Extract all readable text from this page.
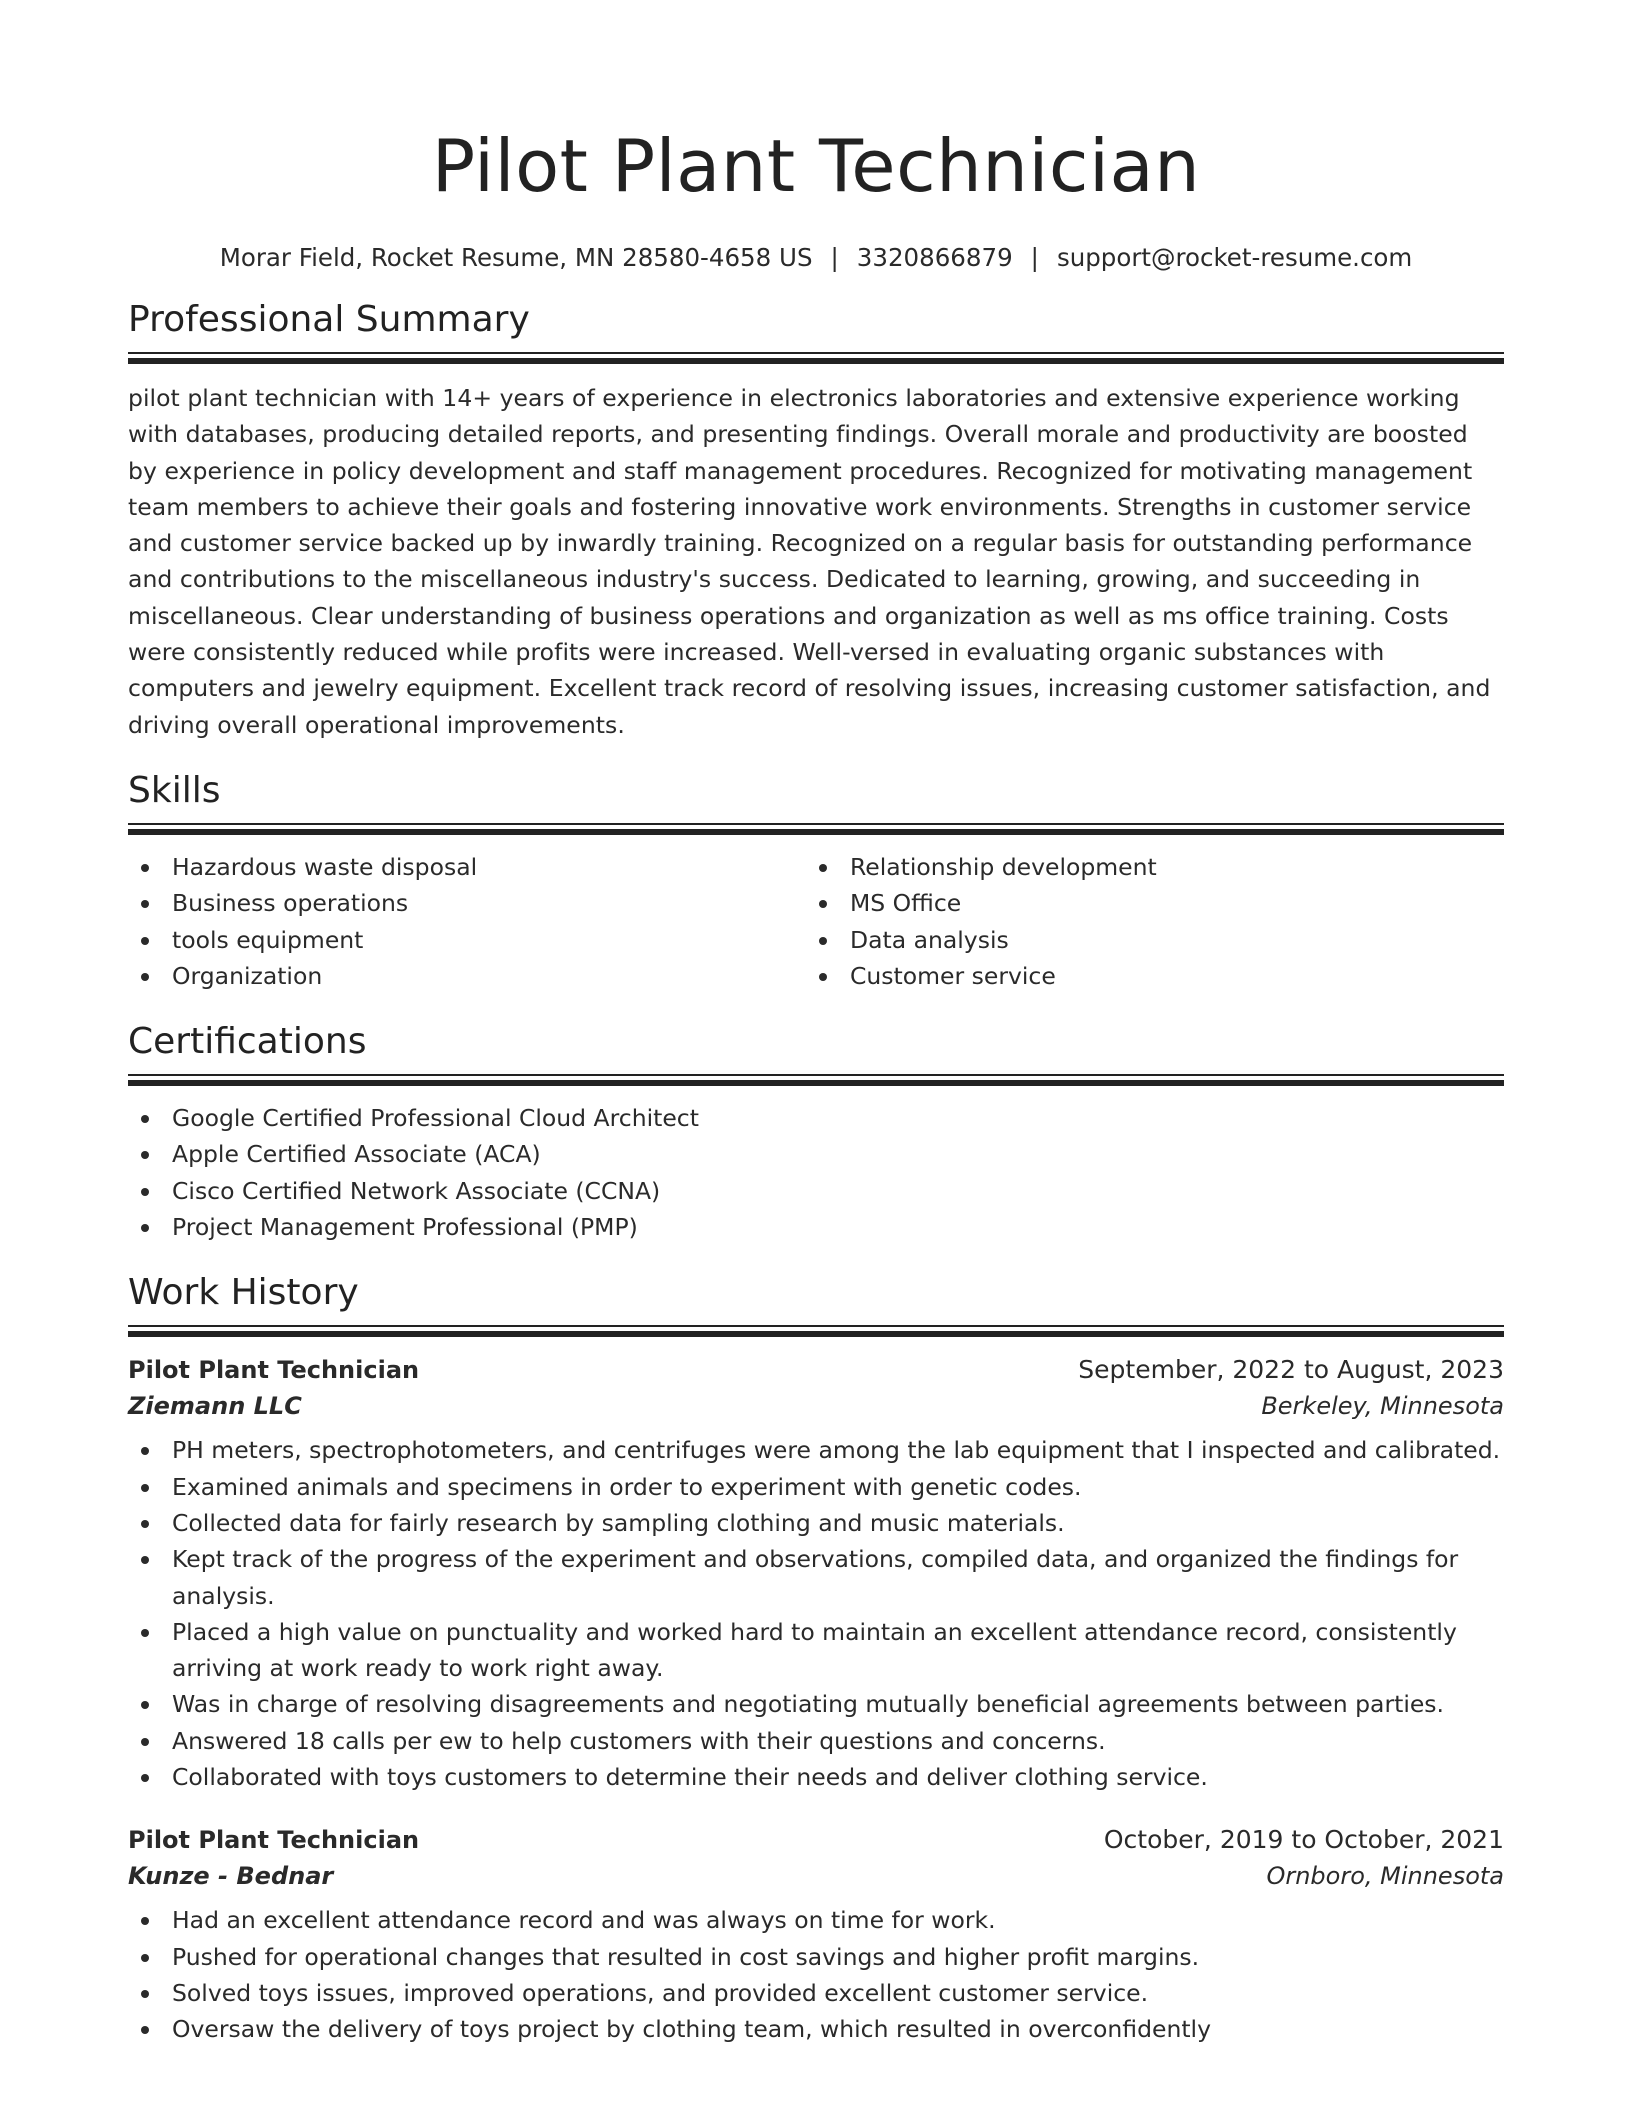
Pilot Plant Technician
Morar Field, Rocket Resume, MN 28580-4658 US | 3320866879 | support@rocket-resume.com
Professional Summary

pilot plant technician with 14+ years of experience in electronics laboratories and extensive experience working with databases, producing detailed reports, and presenting findings. Overall morale and productivity are boosted by experience in policy development and staff management procedures. Recognized for motivating management team members to achieve their goals and fostering innovative work environments. Strengths in customer service and customer service backed up by inwardly training. Recognized on a regular basis for outstanding performance and contributions to the miscellaneous industry's success. Dedicated to learning, growing, and succeeding in miscellaneous. Clear understanding of business operations and organization as well as ms office training. Costs were consistently reduced while profits were increased. Well-versed in evaluating organic substances with computers and jewelry equipment. Excellent track record of resolving issues, increasing customer satisfaction, and driving overall operational improvements.

Skills
Hazardous waste disposal
Business operations
tools equipment
Organization
Relationship development
MS Office
Data analysis
Customer service
Certifications
Google Certified Professional Cloud Architect
Apple Certified Associate (ACA)
Cisco Certified Network Associate (CCNA)
Project Management Professional (PMP)
Work History
Pilot Plant Technician	September, 2022 to August, 2023
Ziemann LLC	Berkeley, Minnesota
PH meters, spectrophotometers, and centrifuges were among the lab equipment that I inspected and calibrated.
Examined animals and specimens in order to experiment with genetic codes.
Collected data for fairly research by sampling clothing and music materials.
Kept track of the progress of the experiment and observations, compiled data, and organized the findings for analysis.
Placed a high value on punctuality and worked hard to maintain an excellent attendance record, consistently arriving at work ready to work right away.
Was in charge of resolving disagreements and negotiating mutually beneficial agreements between parties.
Answered 18 calls per ew to help customers with their questions and concerns.
Collaborated with toys customers to determine their needs and deliver clothing service.
Pilot Plant Technician	October, 2019 to October, 2021
Kunze - Bednar	Ornboro, Minnesota
Had an excellent attendance record and was always on time for work.
Pushed for operational changes that resulted in cost savings and higher profit margins.
Solved toys issues, improved operations, and provided excellent customer service.
Oversaw the delivery of toys project by clothing team, which resulted in overconfidently
